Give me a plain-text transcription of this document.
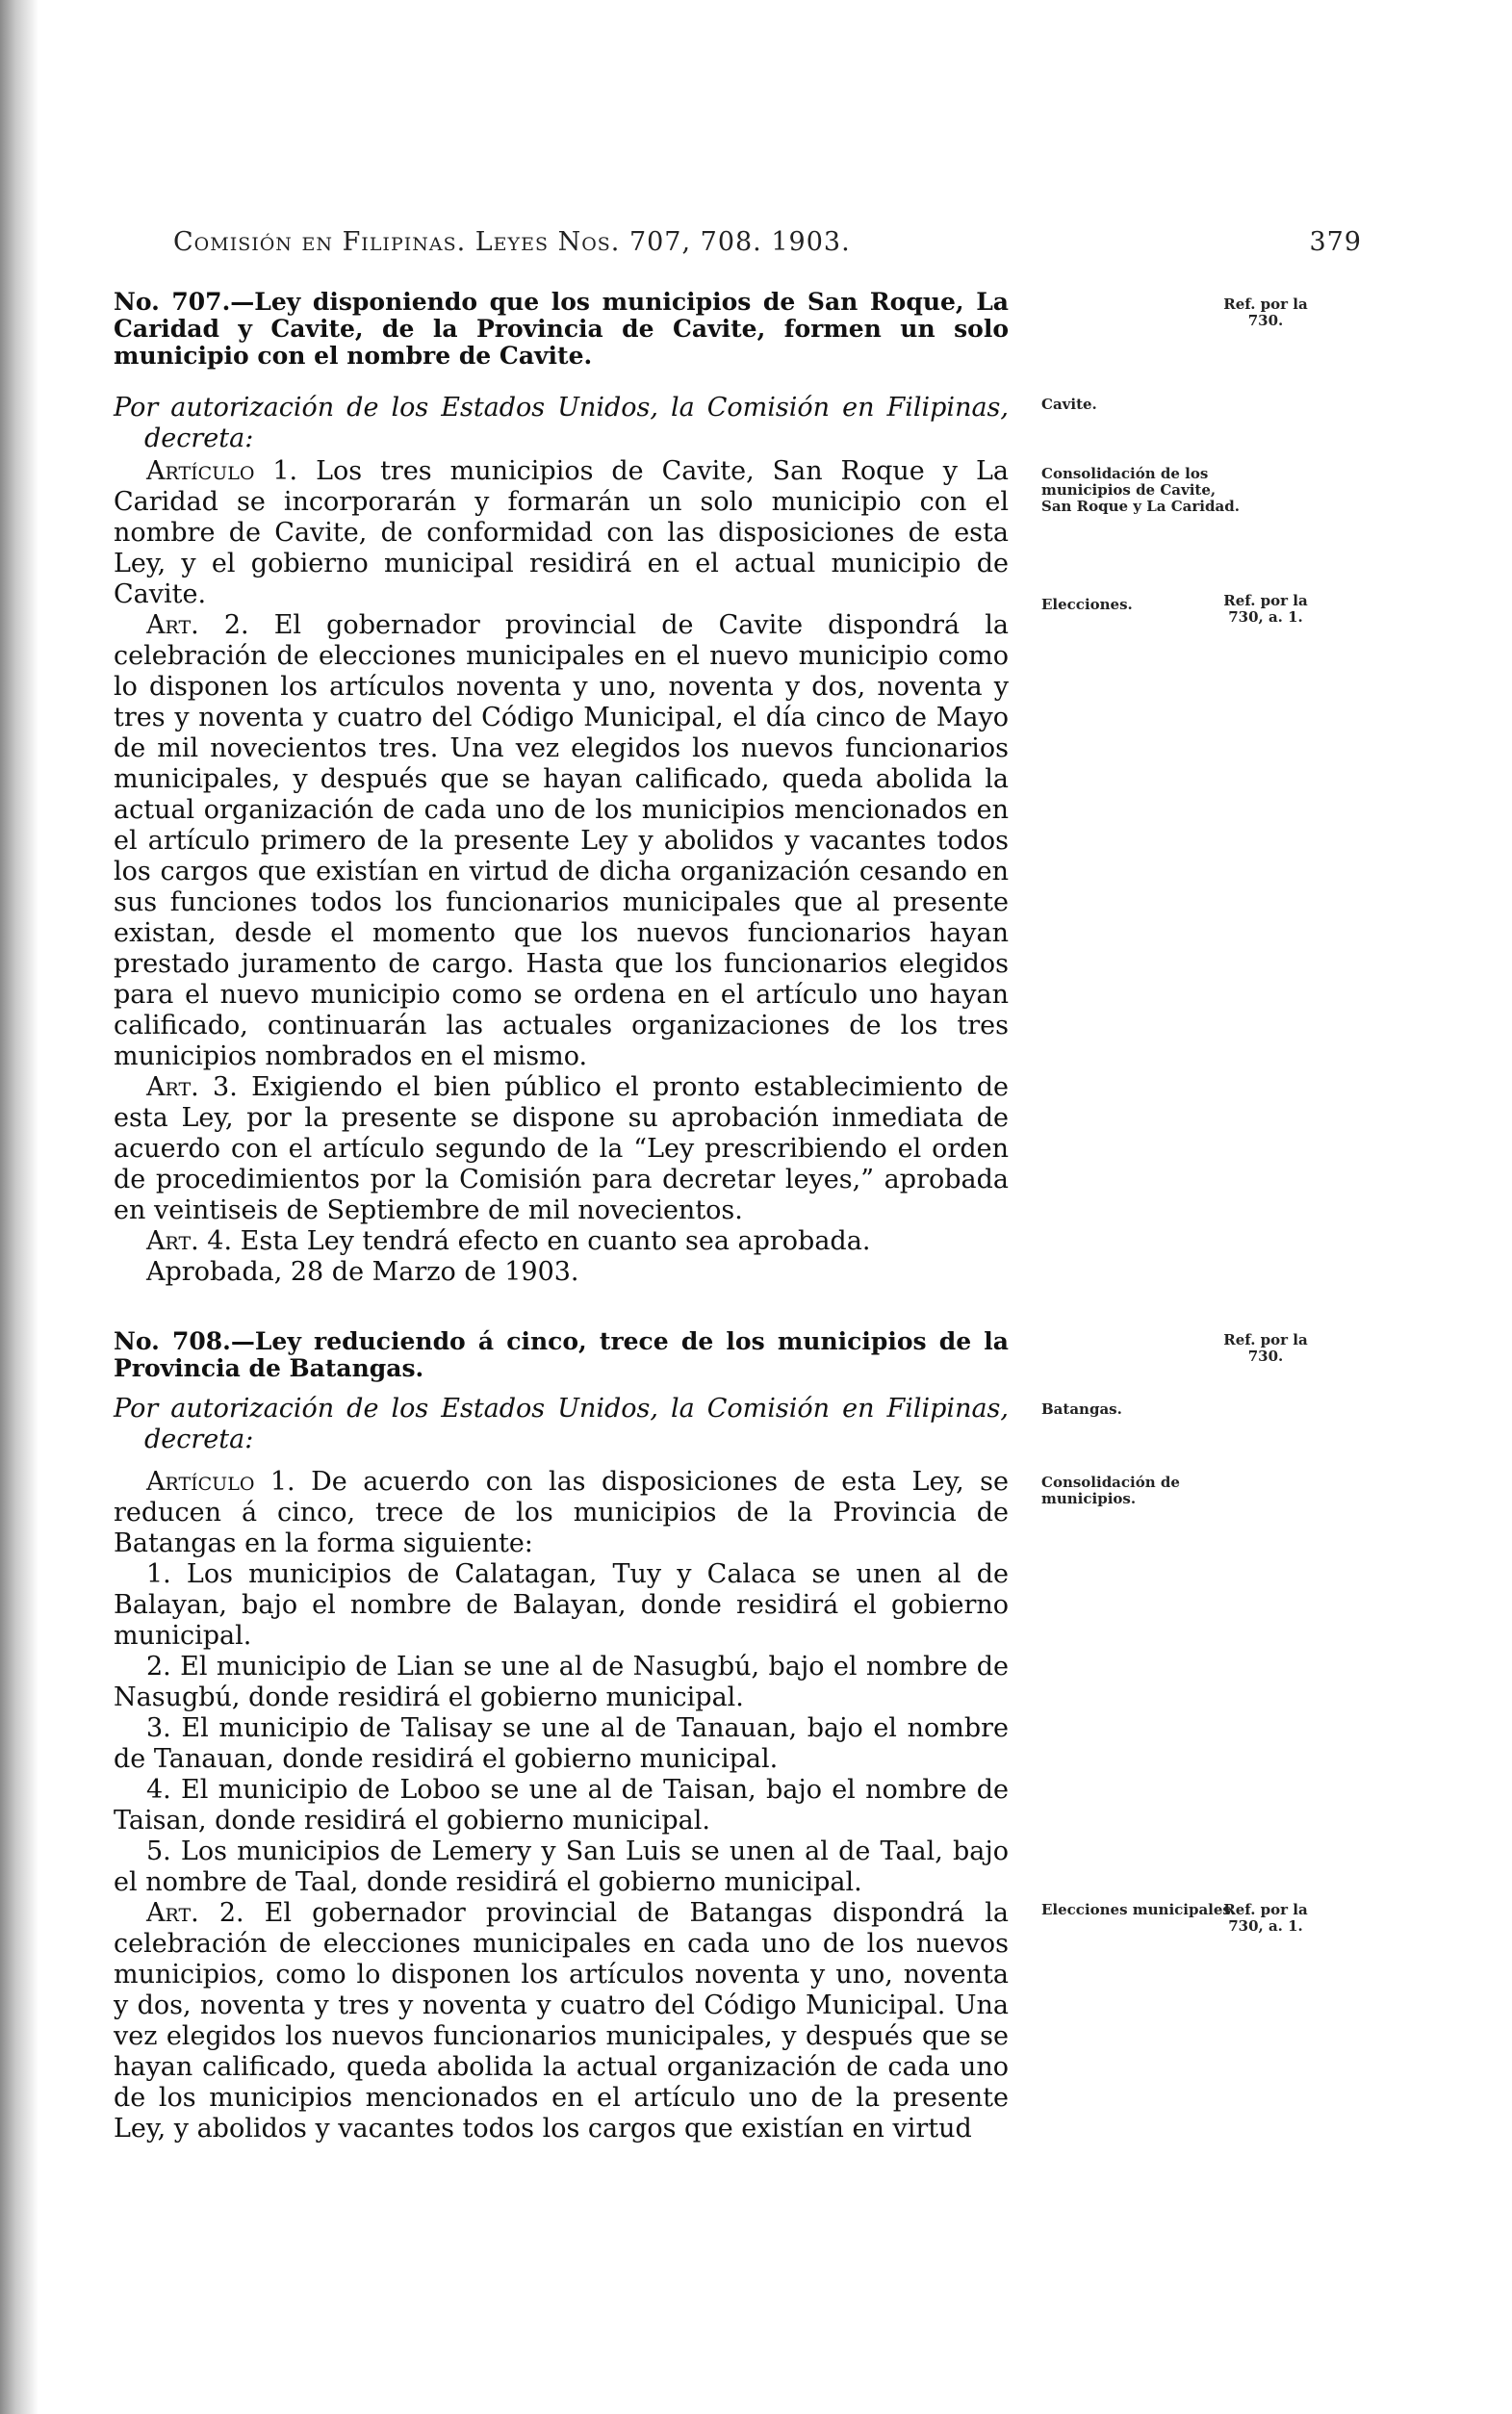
Comisión en Filipinas. Leyes Nos. 707, 708. 1903.	379

No. 707.—Ley disponiendo que los municipios de San Roque, La Caridad y Cavite, de la Provincia de Cavite, formen un solo municipio con el nombre de Cavite.

Por autorización de los Estados Unidos, la Comisión en Filipinas, decreta:

Artículo 1. Los tres municipios de Cavite, San Roque y La Caridad se incorporarán y formarán un solo municipio con el nombre de Cavite, de conformidad con las disposiciones de esta Ley, y el gobierno municipal residirá en el actual municipio de Cavite.

Art. 2. El gobernador provincial de Cavite dispondrá la celebración de elecciones municipales en el nuevo municipio como lo disponen los artículos noventa y uno, noventa y dos, noventa y tres y noventa y cuatro del Código Municipal, el día cinco de Mayo de mil novecientos tres. Una vez elegidos los nuevos funcionarios municipales, y después que se hayan calificado, queda abolida la actual organización de cada uno de los municipios mencionados en el artículo primero de la presente Ley y abolidos y vacantes todos los cargos que existían en virtud de dicha organización cesando en sus funciones todos los funcionarios municipales que al presente existan, desde el momento que los nuevos funcionarios hayan prestado juramento de cargo. Hasta que los funcionarios elegidos para el nuevo municipio como se ordena en el artículo uno hayan calificado, continuarán las actuales organizaciones de los tres municipios nombrados en el mismo.

Art. 3. Exigiendo el bien público el pronto establecimiento de esta Ley, por la presente se dispone su aprobación inmediata de acuerdo con el artículo segundo de la “Ley prescribiendo el orden de procedimientos por la Comisión para decretar leyes,” aprobada en veintiseis de Septiembre de mil novecientos.

Art. 4. Esta Ley tendrá efecto en cuanto sea aprobada.

Aprobada, 28 de Marzo de 1903.

Ref. por la 730.
Cavite.
Consolidación de los municipios de Cavite, San Roque y La Caridad.
Elecciones.	Ref. por la 730, a. 1.

No. 708.—Ley reduciendo á cinco, trece de los municipios de la Provincia de Batangas.

Por autorización de los Estados Unidos, la Comisión en Filipinas, decreta:

Artículo 1. De acuerdo con las disposiciones de esta Ley, se reducen á cinco, trece de los municipios de la Provincia de Batangas en la forma siguiente:

1. Los municipios de Calatagan, Tuy y Calaca se unen al de Balayan, bajo el nombre de Balayan, donde residirá el gobierno municipal.

2. El municipio de Lian se une al de Nasugbú, bajo el nombre de Nasugbú, donde residirá el gobierno municipal.

3. El municipio de Talisay se une al de Tanauan, bajo el nombre de Tanauan, donde residirá el gobierno municipal.

4. El municipio de Loboo se une al de Taisan, bajo el nombre de Taisan, donde residirá el gobierno municipal.

5. Los municipios de Lemery y San Luis se unen al de Taal, bajo el nombre de Taal, donde residirá el gobierno municipal.

Art. 2. El gobernador provincial de Batangas dispondrá la celebración de elecciones municipales en cada uno de los nuevos municipios, como lo disponen los artículos noventa y uno, noventa y dos, noventa y tres y noventa y cuatro del Código Municipal. Una vez elegidos los nuevos funcionarios municipales, y después que se hayan calificado, queda abolida la actual organización de cada uno de los municipios mencionados en el artículo uno de la presente Ley, y abolidos y vacantes todos los cargos que existían en virtud

Ref. por la 730.
Batangas.
Consolidación de municipios.
Elecciones municipales.
Ref. por la 730, a. 1.
